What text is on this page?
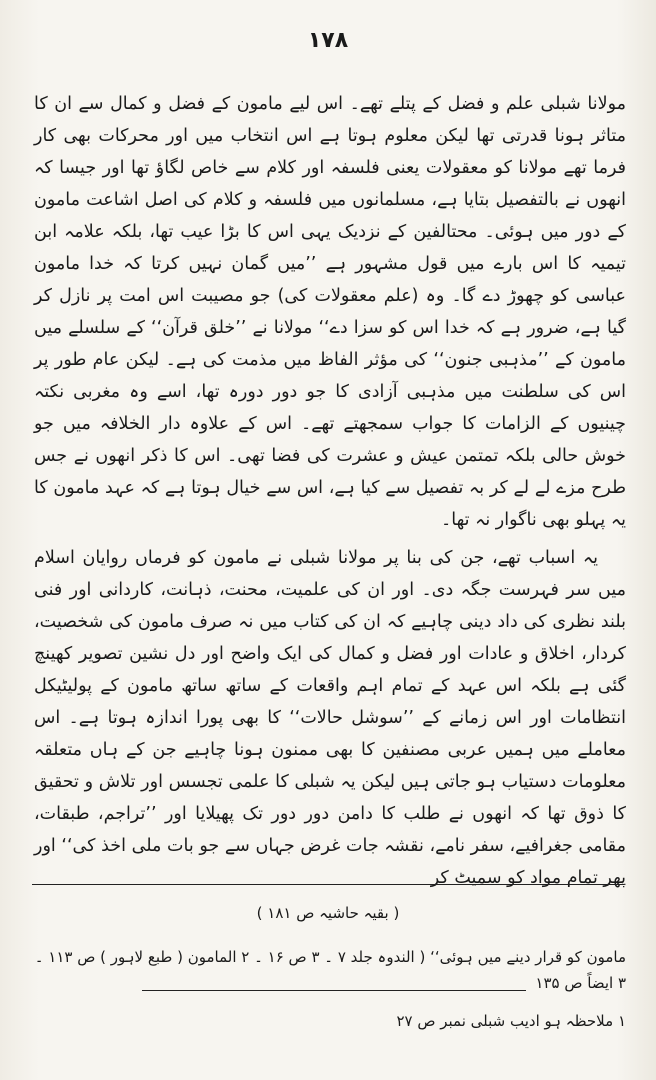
۱۷۸

مولانا شبلی علم و فضل کے پتلے تھے۔ اس لیے مامون کے فضل و کمال سے ان کا متاثر ہونا قدرتی تھا لیکن معلوم ہوتا ہے اس انتخاب میں اور محرکات بھی کار فرما تھے مولانا کو معقولات یعنی فلسفہ اور کلام سے خاص لگاؤ تھا اور جیسا کہ انھوں نے بالتفصیل بتایا ہے، مسلمانوں میں فلسفہ و کلام کی اصل اشاعت مامون کے دور میں ہوئی۔ محتالفین کے نزدیک یہی اس کا بڑا عیب تھا، بلکہ علامہ ابن تیمیہ کا اس بارے میں قول مشہور ہے ’’میں گمان نہیں کرتا کہ خدا مامون عباسی کو چھوڑ دے گا۔ وہ (علم معقولات کی) جو مصیبت اس امت پر نازل کر گیا ہے، ضرور ہے کہ خدا اس کو سزا دے‘‘ مولانا نے ’’خلق قرآن‘‘ کے سلسلے میں مامون کے ’’مذہبی جنون‘‘ کی مؤثر الفاظ میں مذمت کی ہے۔ لیکن عام طور پر اس کی سلطنت میں مذہبی آزادی کا جو دور دورہ تھا، اسے وہ مغربی نکتہ چینیوں کے الزامات کا جواب سمجھتے تھے۔ اس کے علاوہ دار الخلافہ میں جو خوش حالی بلکہ تمتمن عیش و عشرت کی فضا تھی۔ اس کا ذکر انھوں نے جس طرح مزے لے لے کر بہ تفصیل سے کیا ہے، اس سے خیال ہوتا ہے کہ عہد مامون کا یہ پہلو بھی ناگوار نہ تھا۔

یہ اسباب تھے، جن کی بنا پر مولانا شبلی نے مامون کو فرماں روایان اسلام میں سر فہرست جگہ دی۔ اور ان کی علمیت، محنت، ذہانت، کاردانی اور فنی بلند نظری کی داد دینی چاہیے کہ ان کی کتاب میں نہ صرف مامون کی شخصیت، کردار، اخلاق و عادات اور فضل و کمال کی ایک واضح اور دل نشین تصویر کھینچ گئی ہے بلکہ اس عہد کے تمام اہم واقعات کے ساتھ ساتھ مامون کے پولیٹیکل انتظامات اور اس زمانے کے ’’سوشل حالات‘‘ کا بھی پورا اندازہ ہوتا ہے۔ اس معاملے میں ہمیں عربی مصنفین کا بھی ممنون ہونا چاہیے جن کے ہاں متعلقہ معلومات دستیاب ہو جاتی ہیں لیکن یہ شبلی کا علمی تجسس اور تلاش و تحقیق کا ذوق تھا کہ انھوں نے طلب کا دامن دور دور تک پھیلایا اور ’’تراجم، طبقات، مقامی جغرافیے، سفر نامے، نقشہ جات غرض جہاں سے جو بات ملی اخذ کی‘‘ اور پھر تمام مواد کو سمیٹ کر

( بقیہ حاشیہ ص ۱۸۱ )
مامون کو قرار دینے میں ہوئی‘‘ ( الندوہ جلد ۷ ۔ ۳ ص ۱۶ ۔ ۲ المامون ( طبع لاہور ) ص ۱۱۳ ۔ ۳ ایضاً ص ۱۳۵
۱ ملاحظہ ہو ادیب شبلی نمبر ص ۲۷
